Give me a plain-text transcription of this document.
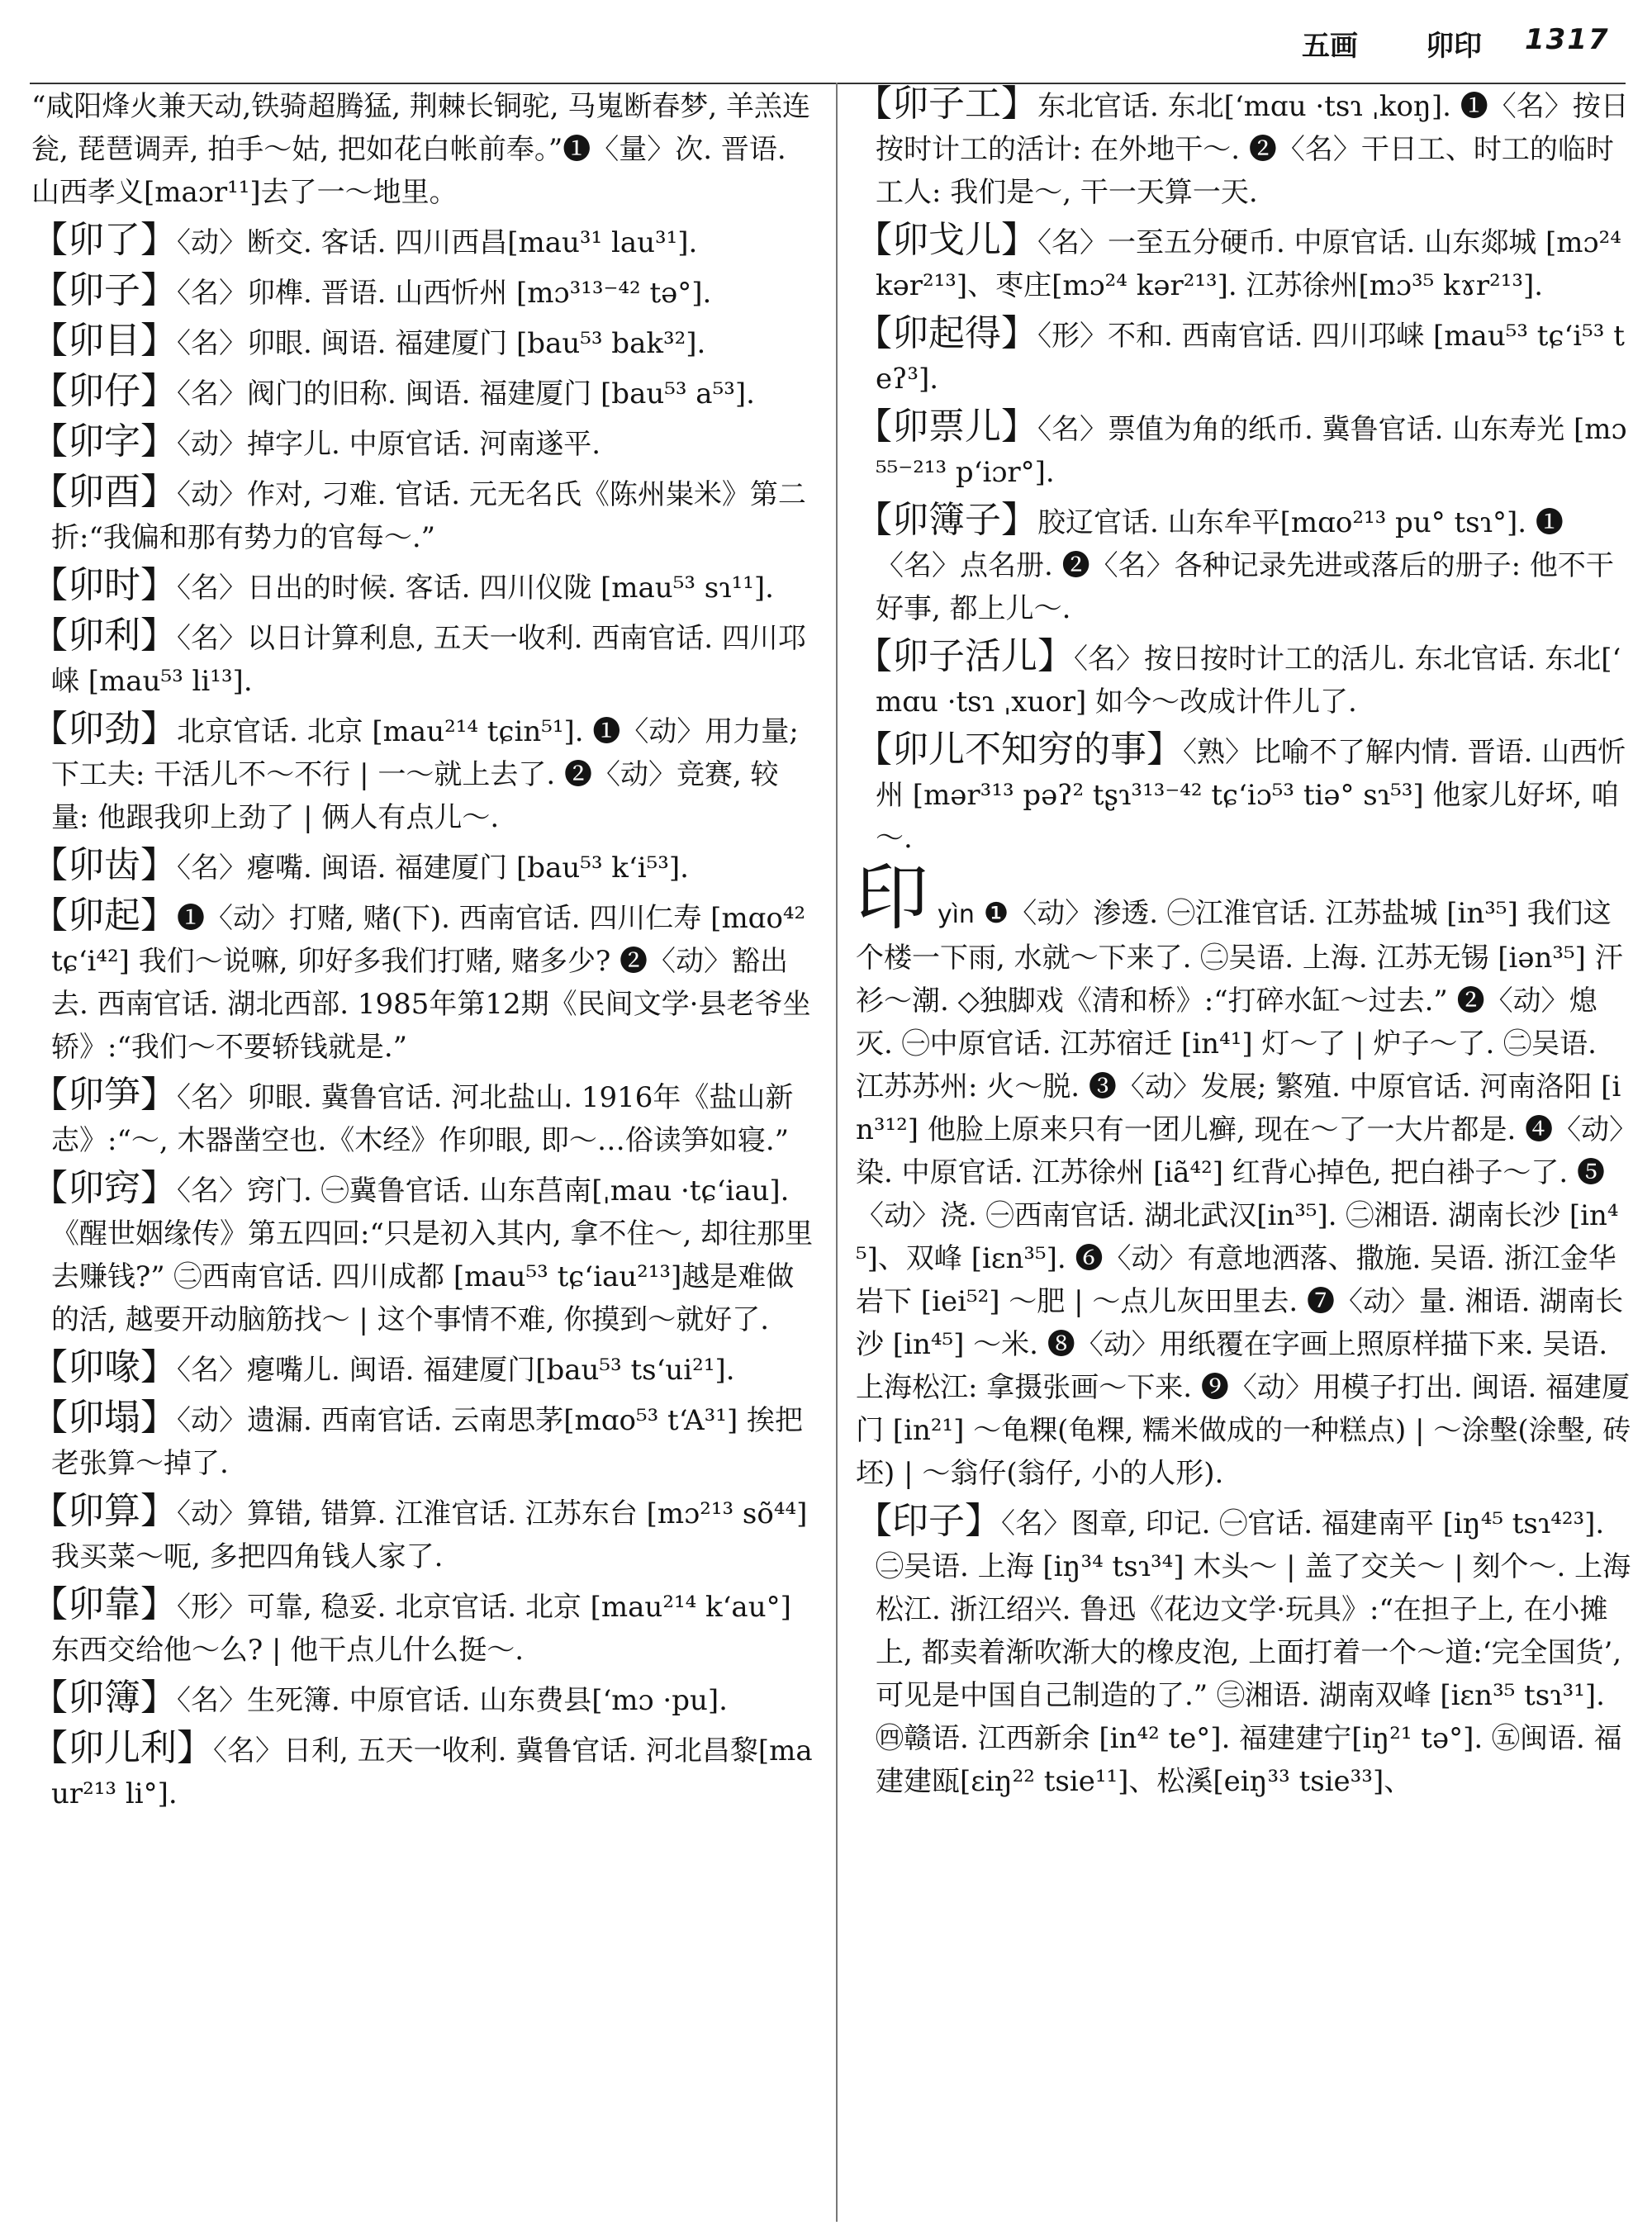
五画 卯印 1317

“咸阳烽火兼天动,铁骑超腾猛, 荆棘长铜驼, 马嵬断春梦, 羊羔连瓮, 琵琶调弄, 拍手～姑, 把如花白帐前奉。”❶〈量〉次. 晋语. 山西孝义[maɔr¹¹]去了一～地里。

【卯了】〈动〉断交. 客话. 四川西昌[mau³¹ lau³¹].

【卯子】〈名〉卯榫. 晋语. 山西忻州 [mɔ³¹³⁻⁴² tə°].

【卯目】〈名〉卯眼. 闽语. 福建厦门 [bau⁵³ bak³²].

【卯仔】〈名〉阀门的旧称. 闽语. 福建厦门 [bau⁵³ a⁵³].

【卯字】〈动〉掉字儿. 中原官话. 河南遂平.

【卯酉】〈动〉作对, 刁难. 官话. 元无名氏《陈州粜米》第二折:“我偏和那有势力的官每～.”

【卯时】〈名〉日出的时候. 客话. 四川仪陇 [mau⁵³ sɿ¹¹].

【卯利】〈名〉以日计算利息, 五天一收利. 西南官话. 四川邛崃 [mau⁵³ li¹³].

【卯劲】北京官话. 北京 [mau²¹⁴ tɕin⁵¹]. ❶〈动〉用力量; 下工夫: 干活儿不～不行 | 一～就上去了. ❷〈动〉竞赛, 较量: 他跟我卯上劲了 | 俩人有点儿～.

【卯齿】〈名〉瘪嘴. 闽语. 福建厦门 [bau⁵³ kʻi⁵³].

【卯起】❶〈动〉打赌, 赌(下). 西南官话. 四川仁寿 [mɑo⁴² tɕʻi⁴²] 我们～说嘛, 卯好多我们打赌, 赌多少? ❷〈动〉豁出去. 西南官话. 湖北西部. 1985年第12期《民间文学·县老爷坐轿》:“我们～不要轿钱就是.”

【卯笋】〈名〉卯眼. 冀鲁官话. 河北盐山. 1916年《盐山新志》:“～, 木器凿空也.《木经》作卯眼, 即～…俗读笋如寝.”

【卯窍】〈名〉窍门. ㊀冀鲁官话. 山东莒南[ˌmau ·tɕʻiau].《醒世姻缘传》第五四回:“只是初入其内, 拿不住～, 却往那里去赚钱?” ㊁西南官话. 四川成都 [mau⁵³ tɕʻiau²¹³]越是难做的活, 越要开动脑筋找～ | 这个事情不难, 你摸到～就好了.

【卯喙】〈名〉瘪嘴儿. 闽语. 福建厦门[bau⁵³ tsʻui²¹].

【卯塌】〈动〉遗漏. 西南官话. 云南思茅[mɑo⁵³ tʻA³¹] 挨把老张算～掉了.

【卯算】〈动〉算错, 错算. 江淮官话. 江苏东台 [mɔ²¹³ sõ⁴⁴] 我买菜～呃, 多把四角钱人家了.

【卯靠】〈形〉可靠, 稳妥. 北京官话. 北京 [mau²¹⁴ kʻau°] 东西交给他～么? | 他干点儿什么挺～.

【卯簿】〈名〉生死簿. 中原官话. 山东费县[ʻmɔ ·pu].

【卯儿利】〈名〉日利, 五天一收利. 冀鲁官话. 河北昌黎[maur²¹³ li°].

【卯子工】东北官话. 东北[ʻmɑu ·tsɿ ˌkoŋ]. ❶〈名〉按日按时计工的活计: 在外地干～. ❷〈名〉干日工、时工的临时工人: 我们是～, 干一天算一天.

【卯戈儿】〈名〉一至五分硬币. 中原官话. 山东郯城 [mɔ²⁴ kər²¹³]、枣庄[mɔ²⁴ kər²¹³]. 江苏徐州[mɔ³⁵ kɤr²¹³].

【卯起得】〈形〉不和. 西南官话. 四川邛崃 [mau⁵³ tɕʻi⁵³ teʔ³].

【卯票儿】〈名〉票值为角的纸币. 冀鲁官话. 山东寿光 [mɔ⁵⁵⁻²¹³ pʻiɔr°].

【卯簿子】胶辽官话. 山东牟平[mɑo²¹³ pu° tsɿ°]. ❶〈名〉点名册. ❷〈名〉各种记录先进或落后的册子: 他不干好事, 都上儿～.

【卯子活儿】〈名〉按日按时计工的活儿. 东北官话. 东北[ʻmɑu ·tsɿ ˌxuor] 如今～改成计件儿了.

【卯儿不知穷的事】〈熟〉比喻不了解内情. 晋语. 山西忻州 [mər³¹³ pəʔ² tʂɿ³¹³⁻⁴² tɕʻiɔ⁵³ tiə° sɿ⁵³] 他家儿好坏, 咱～.

印 yìn ❶〈动〉渗透. ㊀江淮官话. 江苏盐城 [in³⁵] 我们这个楼一下雨, 水就～下来了. ㊁吴语. 上海. 江苏无锡 [iən³⁵] 汗衫～潮. ◇独脚戏《清和桥》:“打碎水缸～过去.” ❷〈动〉熄灭. ㊀中原官话. 江苏宿迁 [in⁴¹] 灯～了 | 炉子～了. ㊁吴语. 江苏苏州: 火～脱. ❸〈动〉发展; 繁殖. 中原官话. 河南洛阳 [in³¹²] 他脸上原来只有一团儿癣, 现在～了一大片都是. ❹〈动〉染. 中原官话. 江苏徐州 [iã⁴²] 红背心掉色, 把白褂子～了. ❺〈动〉浇. ㊀西南官话. 湖北武汉[in³⁵]. ㊁湘语. 湖南长沙 [in⁴⁵]、双峰 [iɛn³⁵]. ❻〈动〉有意地洒落、撒施. 吴语. 浙江金华岩下 [iei⁵²] ～肥 | ～点儿灰田里去. ❼〈动〉量. 湘语. 湖南长沙 [in⁴⁵] ～米. ❽〈动〉用纸覆在字画上照原样描下来. 吴语. 上海松江: 拿摄张画～下来. ❾〈动〉用模子打出. 闽语. 福建厦门 [in²¹] ～龟粿(龟粿, 糯米做成的一种糕点) | ～涂墼(涂墼, 砖坯) | ～翁仔(翁仔, 小的人形).

【印子】〈名〉图章, 印记. ㊀官话. 福建南平 [iŋ⁴⁵ tsɿ⁴²³]. ㊁吴语. 上海 [iŋ³⁴ tsɿ³⁴] 木头～ | 盖了交关～ | 刻个～. 上海松江. 浙江绍兴. 鲁迅《花边文学·玩具》:“在担子上, 在小摊上, 都卖着渐吹渐大的橡皮泡, 上面打着一个～道:‘完全国货’, 可见是中国自己制造的了.” ㊂湘语. 湖南双峰 [iɛn³⁵ tsɿ³¹]. ㊃赣语. 江西新余 [in⁴² te°]. 福建建宁[iŋ²¹ tə°]. ㊄闽语. 福建建瓯[ɛiŋ²² tsie¹¹]、松溪[eiŋ³³ tsie³³]、
